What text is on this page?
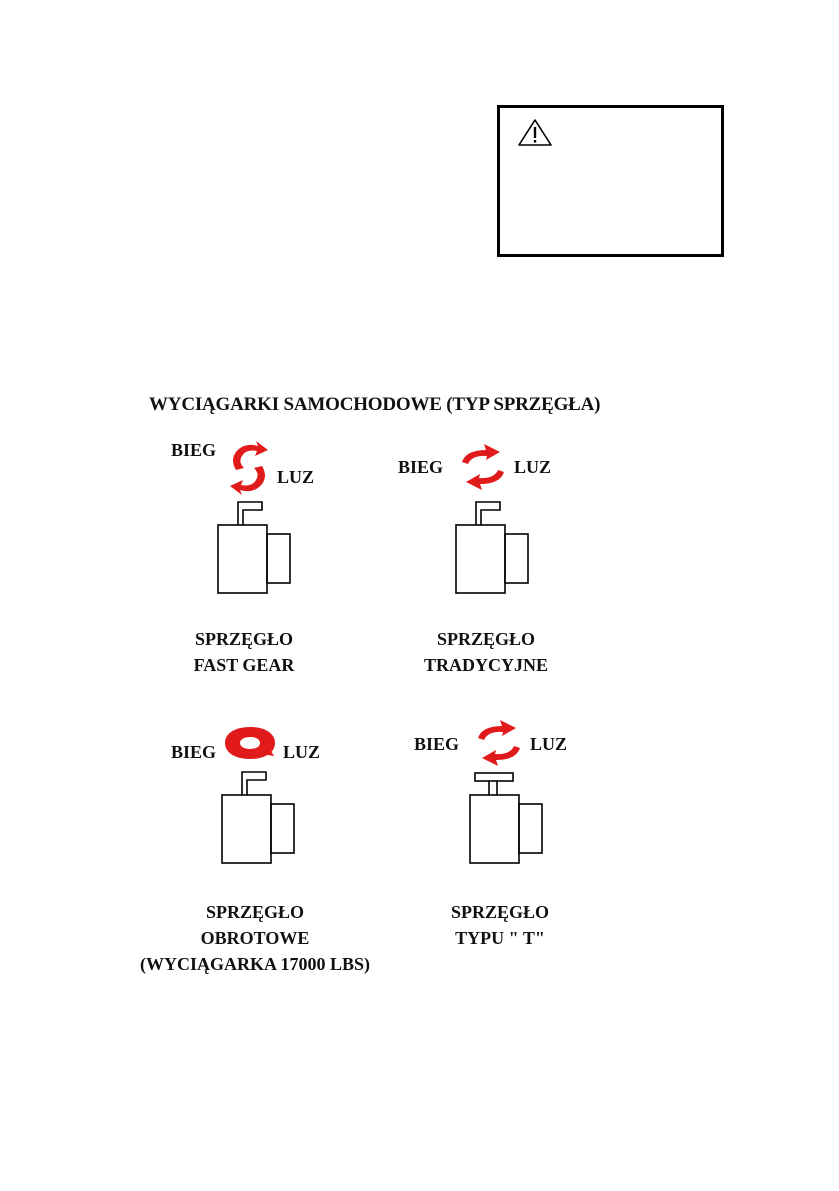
WYCIĄGARKI SAMOCHODOWE (TYP SPRZĘGŁA)
BIEG
LUZ
SPRZĘGŁO
FAST GEAR
BIEG	LUZ
SPRZĘGŁO
TRADYCYJNE
BIEG	LUZ
SPRZĘGŁO
OBROTOWE
(WYCIĄGARKA 17000 LBS)
BIEG	LUZ
SPRZĘGŁO
TYPU " T"
